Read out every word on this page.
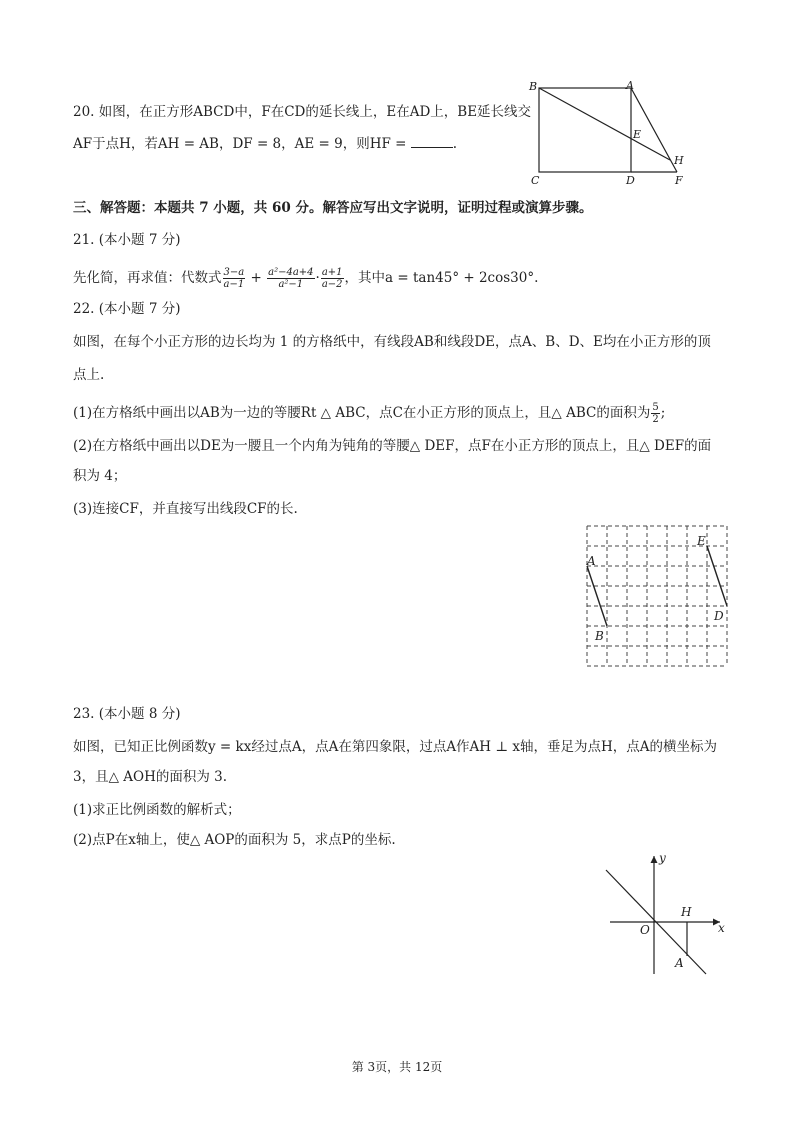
20. 如图，在正方形ABCD中，F在CD的延长线上，E在AD上，BE延长线交
AF于点H，若AH = AB，DF = 8，AE = 9，则HF =	.
B	A
E
H
C	D	F
三、解答题：本题共 7 小题，共 60 分。解答应写出文字说明，证明过程或演算步骤。
21. (本小题 7 分)
先化简，再求值：代数式 $\frac{3-a}{a-1} + \frac{\text{a²−4a+4}}{\text{a²−1}} \cdot \frac{a+1}{a-2}$ ，其中a = tan45° + 2cos30°.
22. (本小题 7 分)
如图，在每个小正方形的边长均为 1 的方格纸中，有线段AB和线段DE，点A、B、D、E均在小正方形的顶
点上.
(1)在方格纸中画出以AB为一边的等腰Rt △ ABC，点C在小正方形的顶点上，且△ ABC的面积为 $\frac{5}{2}$ ;
(2)在方格纸中画出以DE为一腰且一个内角为钝角的等腰△ DEF，点F在小正方形的顶点上，且△ DEF的面
积为 4；
(3)连接CF，并直接写出线段CF的长.
A
B
E
D
23. (本小题 8 分)
如图，已知正比例函数y = kx经过点A，点A在第四象限，过点A作AH ⊥ x轴，垂足为点H，点A的横坐标为
3，且△ AOH的面积为 3.
(1)求正比例函数的解析式；
(2)点P在x轴上，使△ AOP的面积为 5，求点P的坐标.
y
x
O
H
A
第 3页，共 12页
